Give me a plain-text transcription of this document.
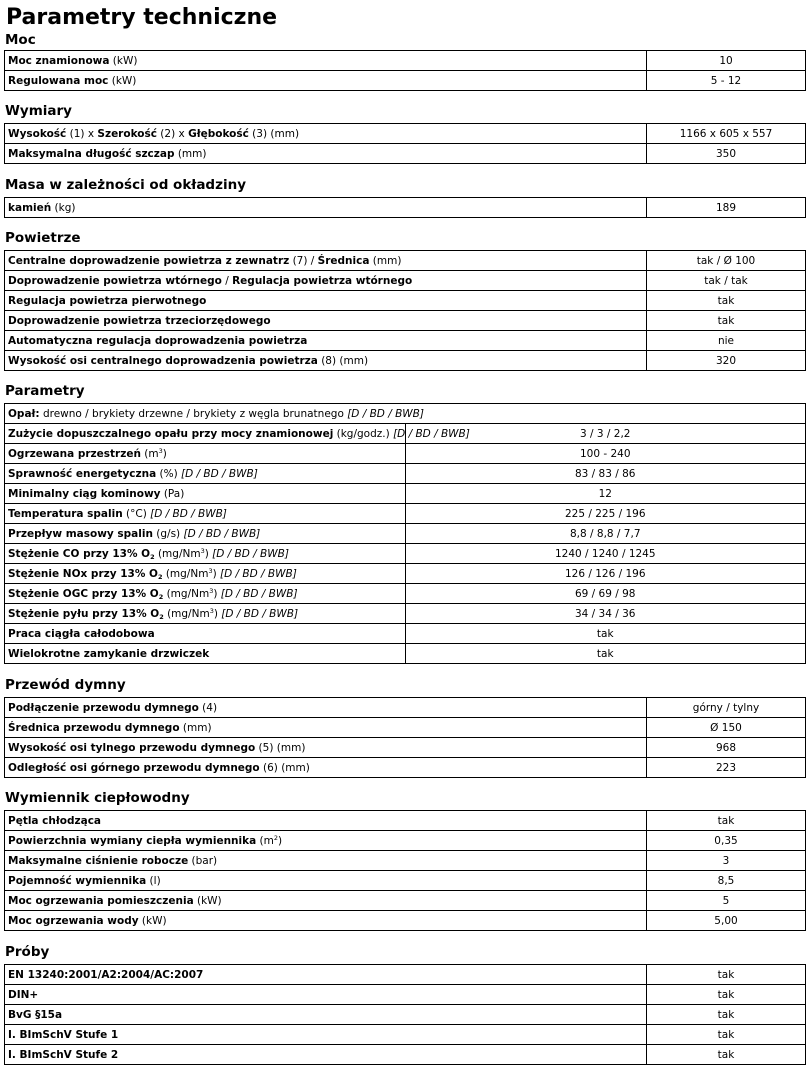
Parametry techniczne
Moc
Moc znamionowa (kW)	10
Regulowana moc (kW)	5 - 12
Wymiary
Wysokość (1) x Szerokość (2) x Głębokość (3) (mm)	1166 x 605 x 557
Maksymalna długość szczap (mm)	350
Masa w zależności od okładziny
kamień (kg)	189
Powietrze
Centralne doprowadzenie powietrza z zewnatrz (7) / Średnica (mm)	tak / Ø 100
Doprowadzenie powietrza wtórnego / Regulacja powietrza wtórnego	tak / tak
Regulacja powietrza pierwotnego	tak
Doprowadzenie powietrza trzeciorzędowego	tak
Automatyczna regulacja doprowadzenia powietrza	nie
Wysokość osi centralnego doprowadzenia powietrza (8) (mm)	320
Parametry
Opał: drewno / brykiety drzewne / brykiety z węgla brunatnego [D / BD / BWB]	
Zużycie dopuszczalnego opału przy mocy znamionowej (kg/godz.) [D / BD / BWB]	3 / 3 / 2,2
Ogrzewana przestrzeń $(m^3)$	100 - 240
Sprawność energetyczna (%) [D / BD / BWB]	83 / 83 / 86
Minimalny ciąg kominowy (Pa)	12
Temperatura spalin (°C) [D / BD / BWB]	225 / 225 / 196
Przepływ masowy spalin (g/s) [D / BD / BWB]	8,8 / 8,8 / 7,7
Stężenie CO przy 13% $O_2$ (mg/Nm$^3$) [D / BD / BWB]	1240 / 1240 / 1245
Stężenie NOx przy 13% $O_2$ (mg/Nm$^3$) [D / BD / BWB]	126 / 126 / 196
Stężenie OGC przy 13% $O_2$ (mg/Nm$^3$) [D / BD / BWB]	69 / 69 / 98
Stężenie pyłu przy 13% $O_2$ (mg/Nm$^3$) [D / BD / BWB]	34 / 34 / 36
Praca ciągła całodobowa	tak
Wielokrotne zamykanie drzwiczek	tak
Przewód dymny
Podłączenie przewodu dymnego (4)	górny / tylny
Średnica przewodu dymnego (mm)	Ø 150
Wysokość osi tylnego przewodu dymnego (5) (mm)	968
Odległość osi górnego przewodu dymnego (6) (mm)	223
Wymiennik ciepłowodny
Pętla chłodząca	tak
Powierzchnia wymiany ciepła wymiennika $(m^2)$	0,35
Maksymalne ciśnienie robocze (bar)	3
Pojemność wymiennika (l)	8,5
Moc ogrzewania pomieszczenia (kW)	5
Moc ogrzewania wody (kW)	5,00
Próby
EN 13240:2001/A2:2004/AC:2007	tak
DIN+	tak
BvG §15a	tak
I. BImSchV Stufe 1	tak
I. BImSchV Stufe 2	tak
